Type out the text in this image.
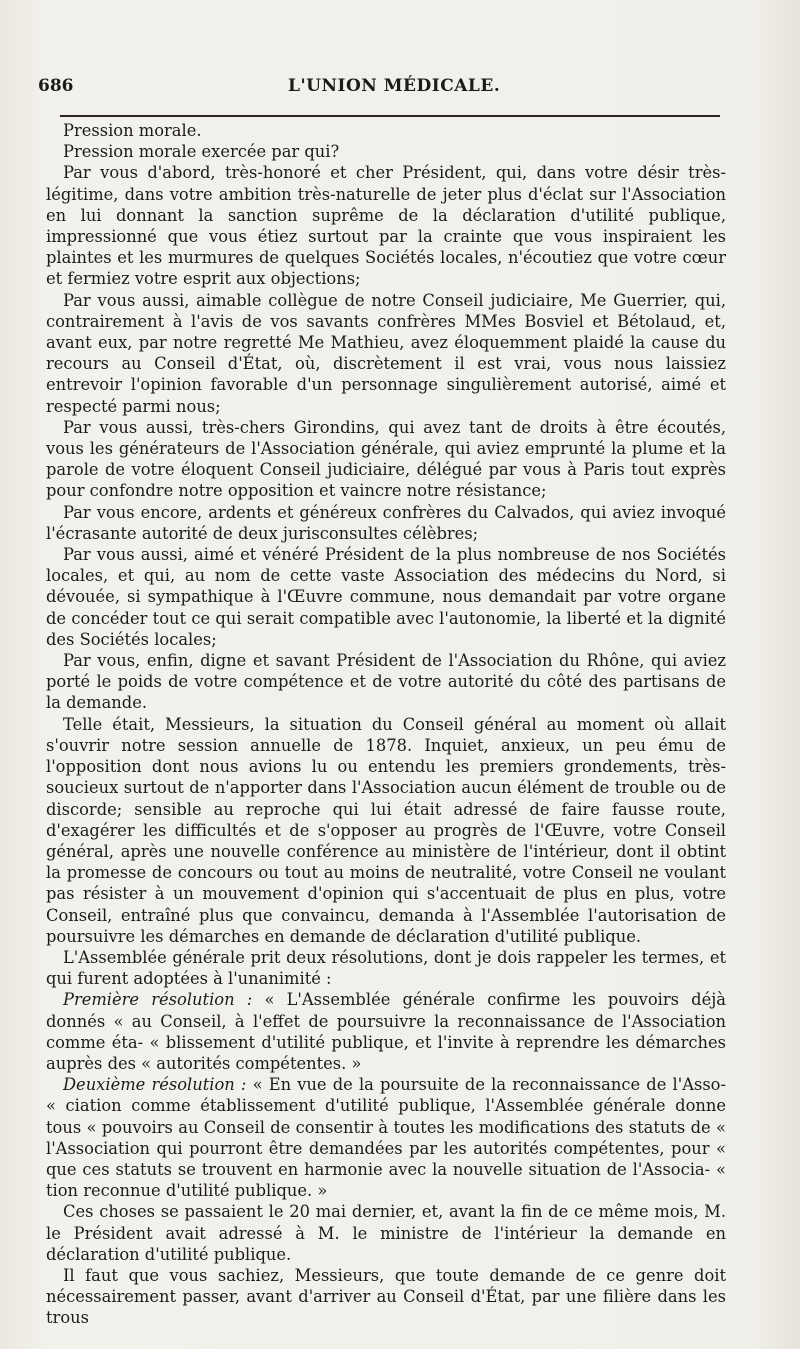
686	L'UNION MÉDICALE.

Pression morale.

Pression morale exercée par qui?

Par vous d'abord, très-honoré et cher Président, qui, dans votre désir très-légitime, dans votre ambition très-naturelle de jeter plus d'éclat sur l'Association en lui donnant la sanction suprême de la déclaration d'utilité publique, impressionné que vous étiez surtout par la crainte que vous inspiraient les plaintes et les murmures de quelques Sociétés locales, n'écoutiez que votre cœur et fermiez votre esprit aux objections;

Par vous aussi, aimable collègue de notre Conseil judiciaire, Me Guerrier, qui, contrairement à l'avis de vos savants confrères MMes Bosviel et Bétolaud, et, avant eux, par notre regretté Me Mathieu, avez éloquemment plaidé la cause du recours au Conseil d'État, où, discrètement il est vrai, vous nous laissiez entrevoir l'opinion favorable d'un personnage singulièrement autorisé, aimé et respecté parmi nous;

Par vous aussi, très-chers Girondins, qui avez tant de droits à être écoutés, vous les générateurs de l'Association générale, qui aviez emprunté la plume et la parole de votre éloquent Conseil judiciaire, délégué par vous à Paris tout exprès pour confondre notre opposition et vaincre notre résistance;

Par vous encore, ardents et généreux confrères du Calvados, qui aviez invoqué l'écrasante autorité de deux jurisconsultes célèbres;

Par vous aussi, aimé et vénéré Président de la plus nombreuse de nos Sociétés locales, et qui, au nom de cette vaste Association des médecins du Nord, si dévouée, si sympathique à l'Œuvre commune, nous demandait par votre organe de concéder tout ce qui serait compatible avec l'autonomie, la liberté et la dignité des Sociétés locales;

Par vous, enfin, digne et savant Président de l'Association du Rhône, qui aviez porté le poids de votre compétence et de votre autorité du côté des partisans de la demande.

Telle était, Messieurs, la situation du Conseil général au moment où allait s'ouvrir notre session annuelle de 1878. Inquiet, anxieux, un peu ému de l'opposition dont nous avions lu ou entendu les premiers grondements, très-soucieux surtout de n'apporter dans l'Association aucun élément de trouble ou de discorde; sensible au reproche qui lui était adressé de faire fausse route, d'exagérer les difficultés et de s'opposer au progrès de l'Œuvre, votre Conseil général, après une nouvelle conférence au ministère de l'intérieur, dont il obtint la promesse de concours ou tout au moins de neutralité, votre Conseil ne voulant pas résister à un mouvement d'opinion qui s'accentuait de plus en plus, votre Conseil, entraîné plus que convaincu, demanda à l'Assemblée l'autorisation de poursuivre les démarches en demande de déclaration d'utilité publique.

L'Assemblée générale prit deux résolutions, dont je dois rappeler les termes, et qui furent adoptées à l'unanimité :

Première résolution : « L'Assemblée générale confirme les pouvoirs déjà donnés « au Conseil, à l'effet de poursuivre la reconnaissance de l'Association comme éta- « blissement d'utilité publique, et l'invite à reprendre les démarches auprès des « autorités compétentes. »

Deuxième résolution : « En vue de la poursuite de la reconnaissance de l'Asso- « ciation comme établissement d'utilité publique, l'Assemblée générale donne tous « pouvoirs au Conseil de consentir à toutes les modifications des statuts de « l'Association qui pourront être demandées par les autorités compétentes, pour « que ces statuts se trouvent en harmonie avec la nouvelle situation de l'Associa- « tion reconnue d'utilité publique. »

Ces choses se passaient le 20 mai dernier, et, avant la fin de ce même mois, M. le Président avait adressé à M. le ministre de l'intérieur la demande en déclaration d'utilité publique.

Il faut que vous sachiez, Messieurs, que toute demande de ce genre doit nécessairement passer, avant d'arriver au Conseil d'État, par une filière dans les trous
